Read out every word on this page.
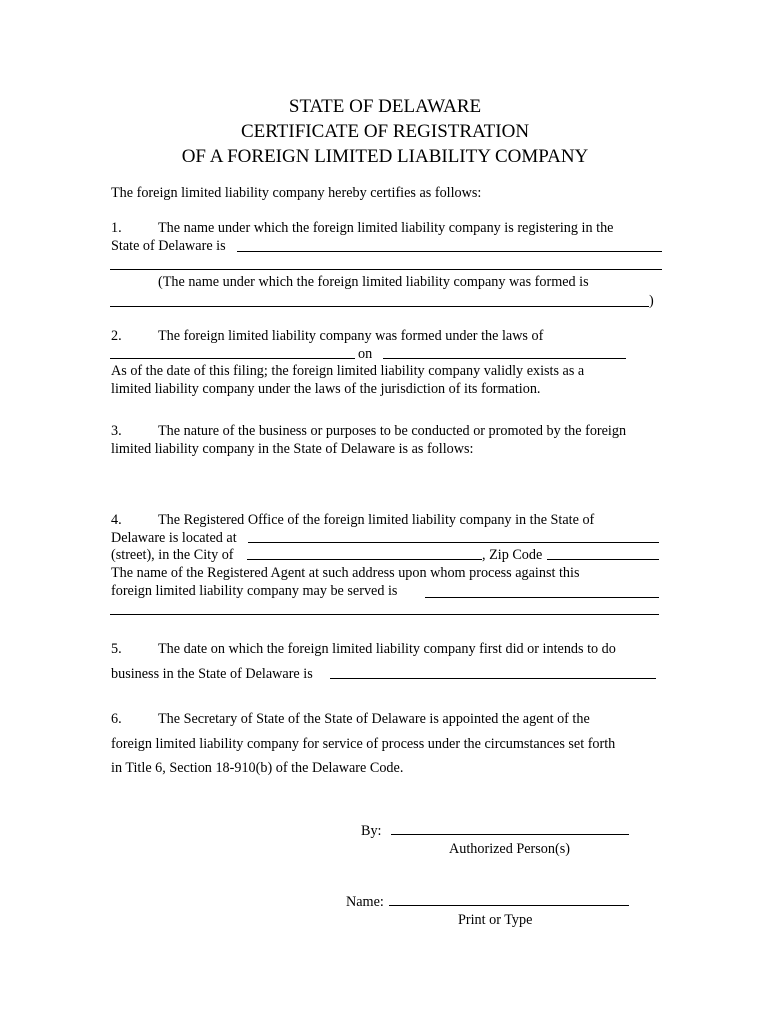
STATE OF DELAWARE
CERTIFICATE OF REGISTRATION
OF A FOREIGN LIMITED LIABILITY COMPANY
The foreign limited liability company hereby certifies as follows:
1.	The name under which the foreign limited liability company is registering in the
State of Delaware is
(The name under which the foreign limited liability company was formed is
)
2.	The foreign limited liability company was formed under the laws of
on
As of the date of this filing; the foreign limited liability company validly exists as a
limited liability company under the laws of the jurisdiction of its formation.
3.	The nature of the business or purposes to be conducted or promoted by the foreign
limited liability company in the State of Delaware is as follows:
4.	The Registered Office of the foreign limited liability company in the State of
Delaware is located at
(street), in the City of	, Zip Code
The name of the Registered Agent at such address upon whom process against this
foreign limited liability company may be served is
5.	The date on which the foreign limited liability company first did or intends to do
business in the State of Delaware is
6.	The Secretary of State of the State of Delaware is appointed the agent of the
foreign limited liability company for service of process under the circumstances set forth
in Title 6, Section 18-910(b) of the Delaware Code.
By:
Authorized Person(s)
Name:
Print or Type
